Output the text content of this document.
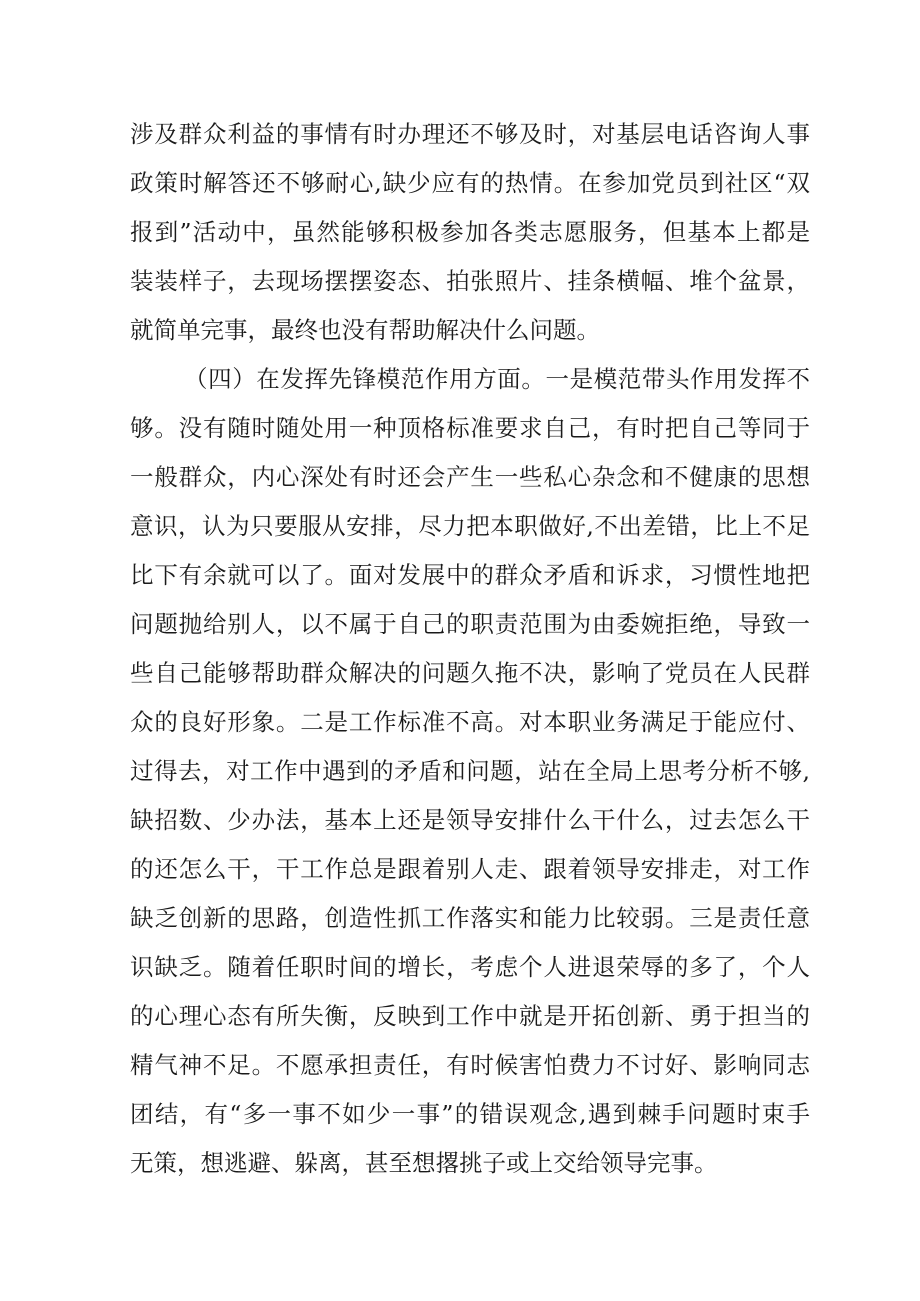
涉及群众利益的事情有时办理还不够及时，对基层电话咨询人事
政策时解答还不够耐心,缺少应有的热情。在参加党员到社区“双
报到”活动中，虽然能够积极参加各类志愿服务，但基本上都是
装装样子，去现场摆摆姿态、拍张照片、挂条横幅、堆个盆景，
就简单完事，最终也没有帮助解决什么问题。
（四）在发挥先锋模范作用方面。一是模范带头作用发挥不
够。没有随时随处用一种顶格标准要求自己，有时把自己等同于
一般群众，内心深处有时还会产生一些私心杂念和不健康的思想
意识，认为只要服从安排，尽力把本职做好,不出差错，比上不足
比下有余就可以了。面对发展中的群众矛盾和诉求，习惯性地把
问题抛给别人，以不属于自己的职责范围为由委婉拒绝，导致一
些自己能够帮助群众解决的问题久拖不决，影响了党员在人民群
众的良好形象。二是工作标准不高。对本职业务满足于能应付、
过得去，对工作中遇到的矛盾和问题，站在全局上思考分析不够,
缺招数、少办法，基本上还是领导安排什么干什么，过去怎么干
的还怎么干，干工作总是跟着别人走、跟着领导安排走，对工作
缺乏创新的思路，创造性抓工作落实和能力比较弱。三是责任意
识缺乏。随着任职时间的增长，考虑个人进退荣辱的多了，个人
的心理心态有所失衡，反映到工作中就是开拓创新、勇于担当的
精气神不足。不愿承担责任，有时候害怕费力不讨好、影响同志
团结，有“多一事不如少一事”的错误观念,遇到棘手问题时束手
无策，想逃避、躲离，甚至想撂挑子或上交给领导完事。
